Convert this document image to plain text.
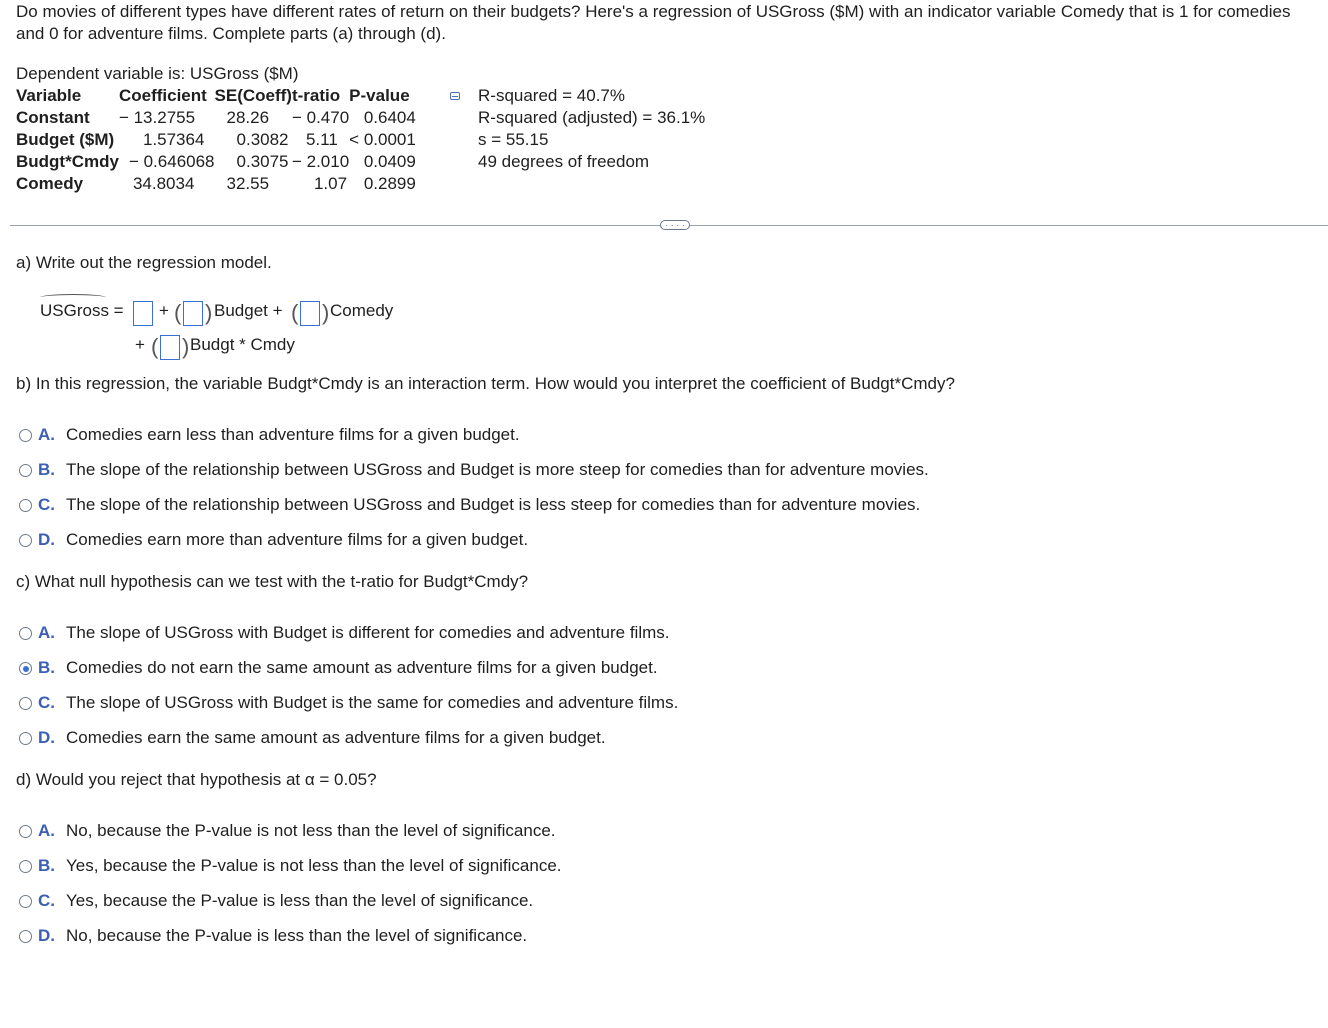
Do movies of different types have different rates of return on their budgets? Here's a regression of USGross ($M) with an indicator variable Comedy that is 1 for comedies and 0 for adventure films. Complete parts (a) through (d).
Dependent variable is: USGross ($M)
Variable	Coefficient	SE(Coeff)	t-ratio	P-value
Constant	− 13.2755	28.26	− 0.470	0.6404
Budget ($M)	1.57364	0.3082	5.11	< 0.0001
Budgt*Cmdy	− 0.646068	0.3075	− 2.010	0.0409
Comedy	34.8034	32.55	1.07	0.2899
R-squared = 40.7%
R-squared (adjusted) = 36.1%
s = 55.15
49 degrees of freedom
· · · ·
a) Write out the regression model.
USGross = + ( ) Budget + ( ) Comedy
+ ( ) Budgt * Cmdy
b) In this regression, the variable Budgt*Cmdy is an interaction term. How would you interpret the coefficient of Budgt*Cmdy?
A. Comedies earn less than adventure films for a given budget.
B. The slope of the relationship between USGross and Budget is more steep for comedies than for adventure movies.
C. The slope of the relationship between USGross and Budget is less steep for comedies than for adventure movies.
D. Comedies earn more than adventure films for a given budget.
c) What null hypothesis can we test with the t-ratio for Budgt*Cmdy?
A. The slope of USGross with Budget is different for comedies and adventure films.
B. Comedies do not earn the same amount as adventure films for a given budget.
C. The slope of USGross with Budget is the same for comedies and adventure films.
D. Comedies earn the same amount as adventure films for a given budget.
d) Would you reject that hypothesis at α = 0.05?
A. No, because the P-value is not less than the level of significance.
B. Yes, because the P-value is not less than the level of significance.
C. Yes, because the P-value is less than the level of significance.
D. No, because the P-value is less than the level of significance.
